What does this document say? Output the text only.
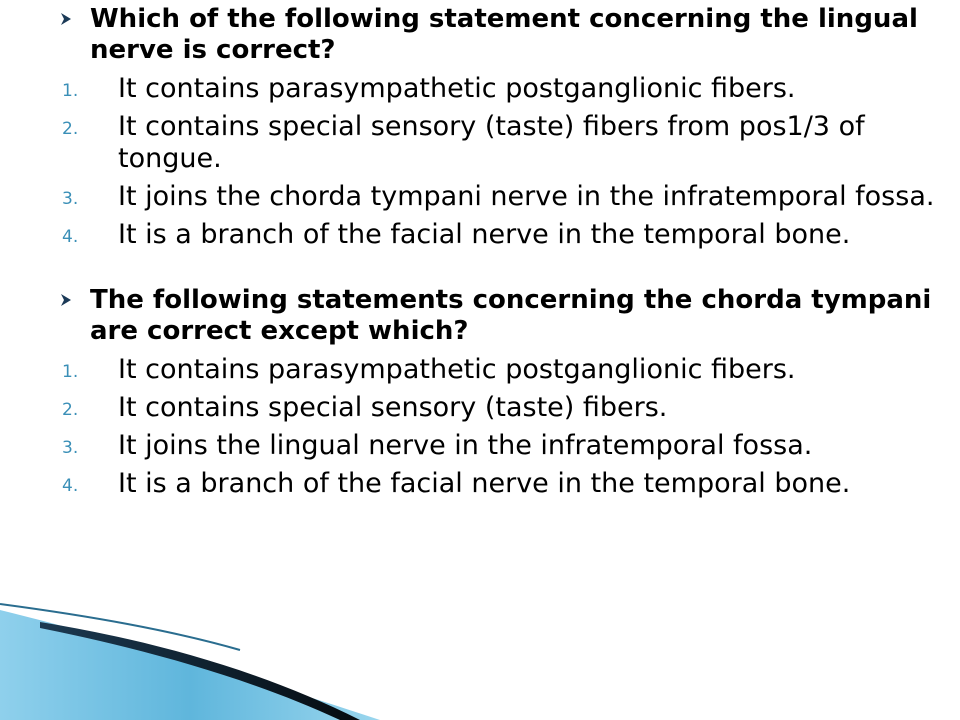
Which of the following statement concerning the lingual nerve is correct?
1. It contains parasympathetic postganglionic fibers.
2. It contains special sensory (taste) fibers from pos1/3 of tongue.
3. It joins the chorda tympani nerve in the infratemporal fossa.
4. It is a branch of the facial nerve in the temporal bone.
The following statements concerning the chorda tympani are correct except which?
1. It contains parasympathetic postganglionic fibers.
2. It contains special sensory (taste) fibers.
3. It joins the lingual nerve in the infratemporal fossa.
4. It is a branch of the facial nerve in the temporal bone.
